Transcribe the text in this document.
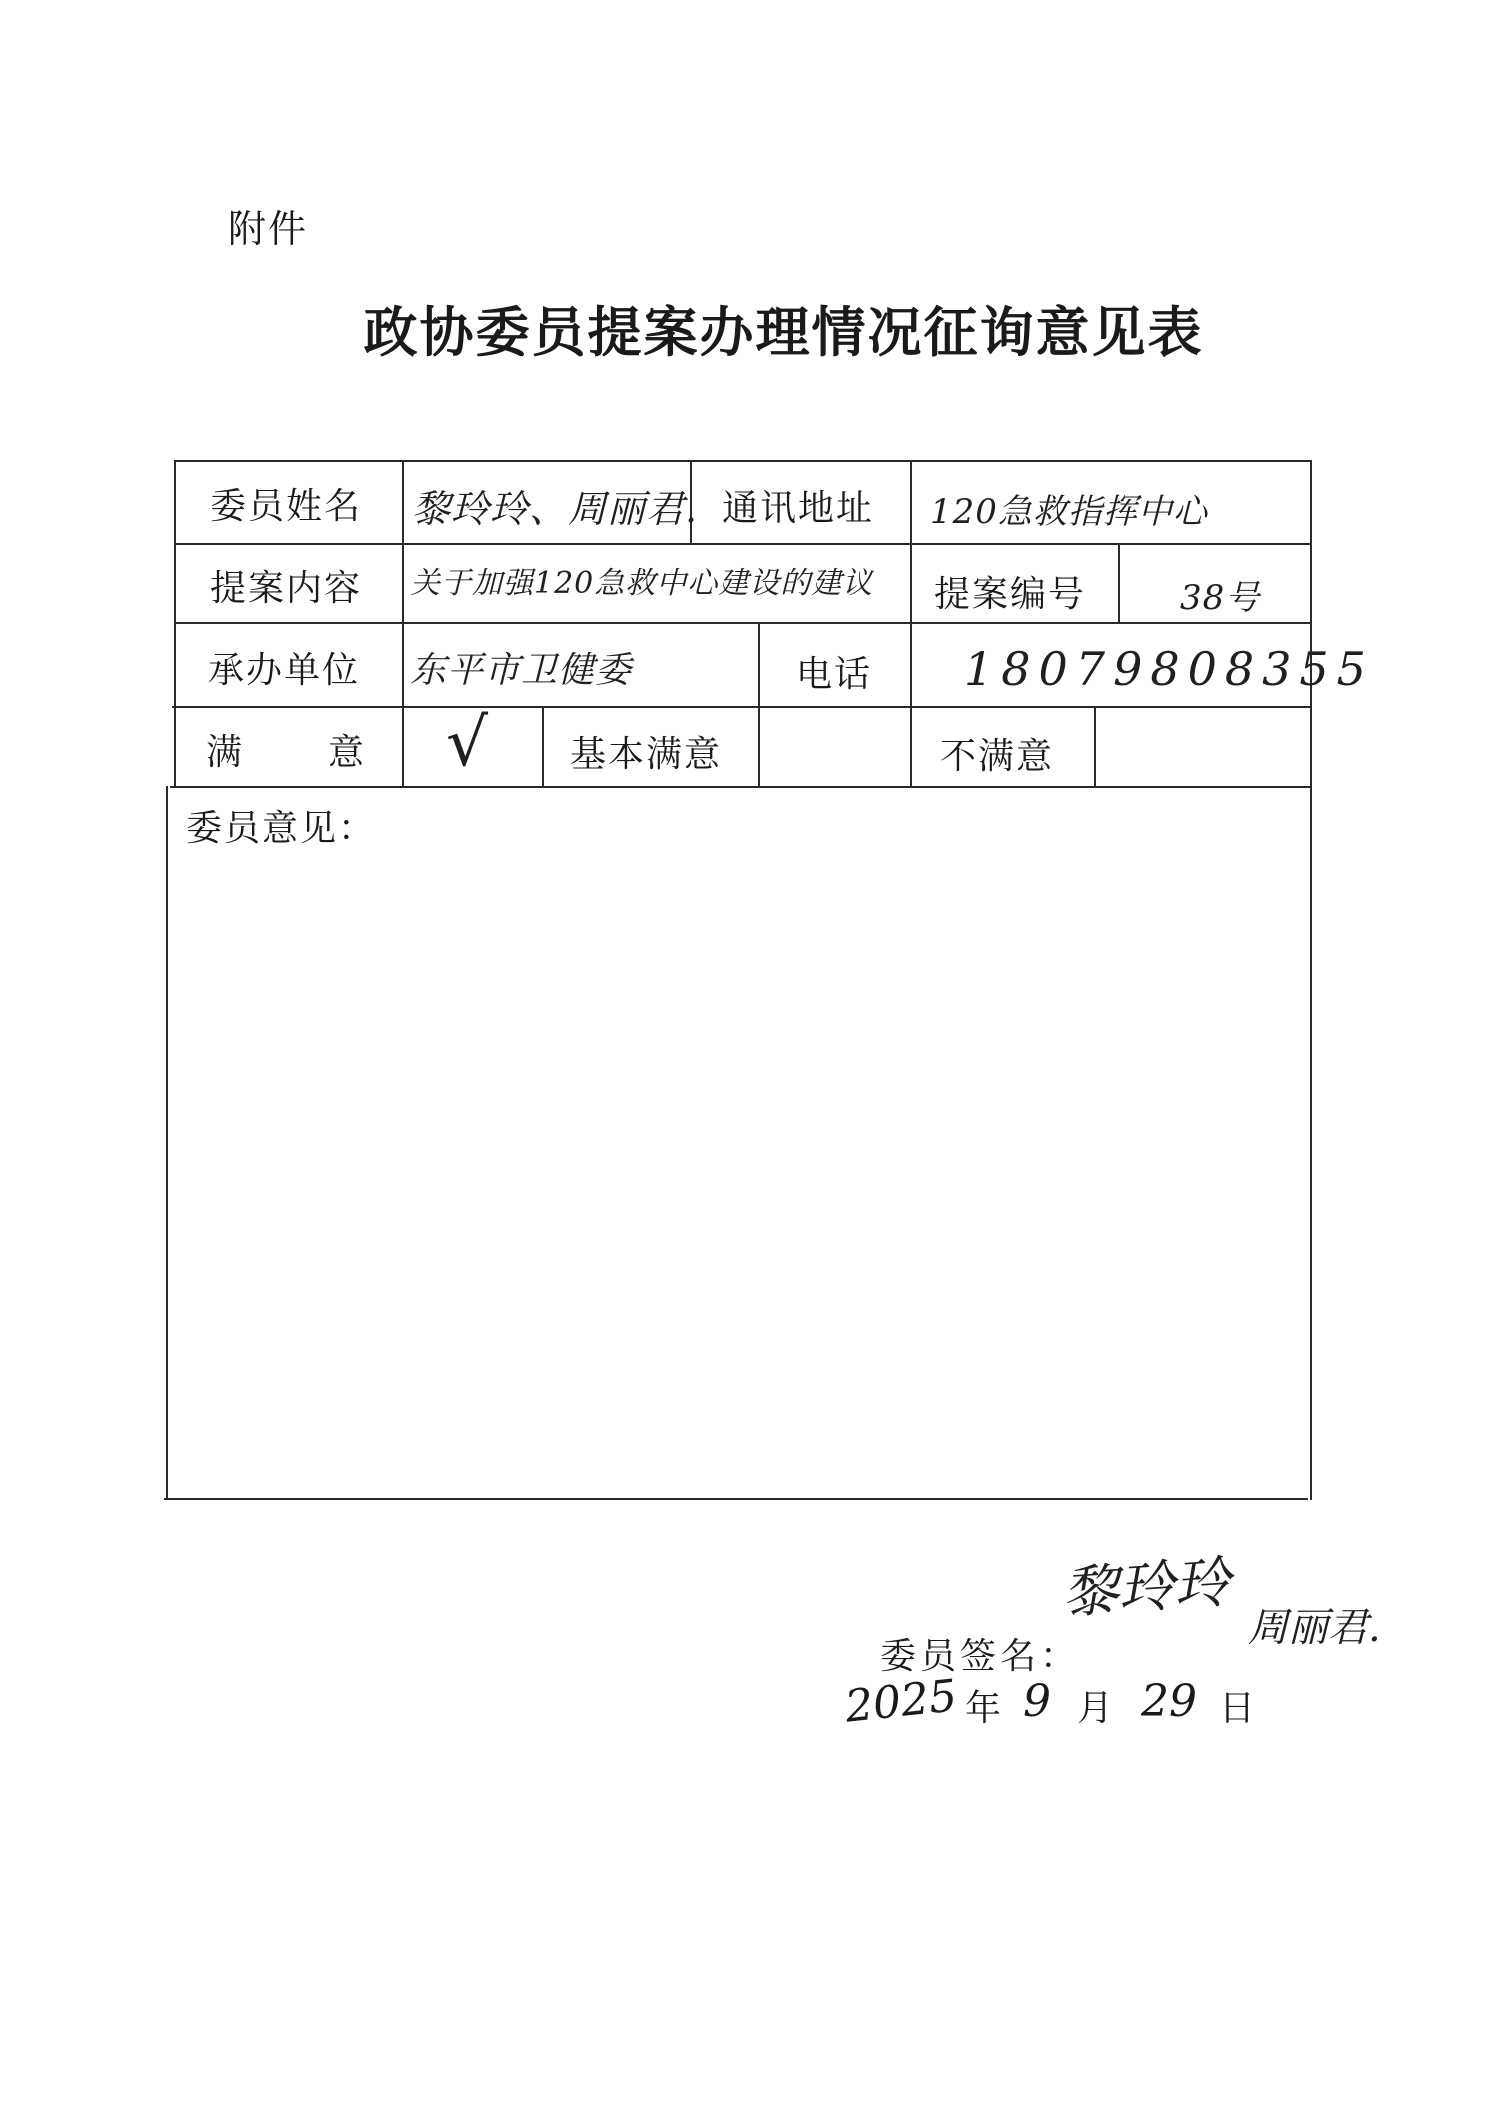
附件
政协委员提案办理情况征询意见表
委员姓名 黎玲玲、周丽君. 通讯地址 120急救指挥中心
提案内容 关于加强120急救中心建设的建议 提案编号	38号
承办单位 东平市卫健委	电话 18079808355
满 意 √ 基本满意	不满意
委员意见：
委员签名：
黎玲玲
周丽君.
2025 年 9 月 29 日
